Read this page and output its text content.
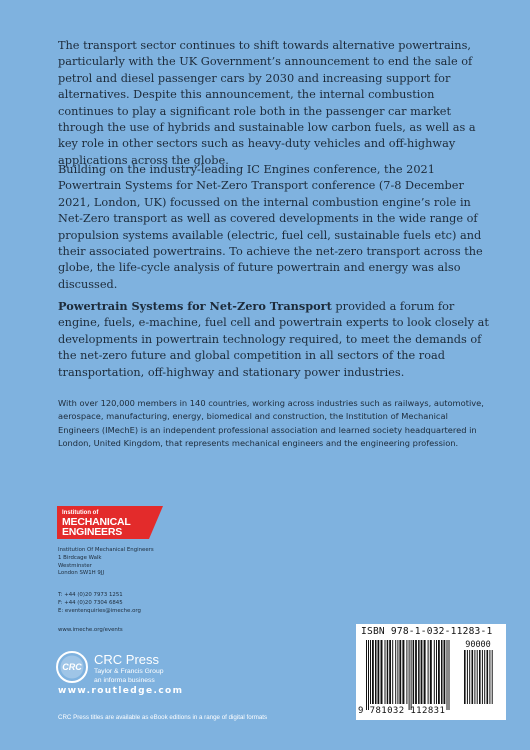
The transport sector continues to shift towards alternative powertrains, particularly with the UK Government’s announcement to end the sale of petrol and diesel passenger cars by 2030 and increasing support for alternatives. Despite this announcement, the internal combustion continues to play a significant role both in the passenger car market through the use of hybrids and sustainable low carbon fuels, as well as a key role in other sectors such as heavy-duty vehicles and off-highway applications across the globe.

Building on the industry-leading IC Engines conference, the 2021 Powertrain Systems for Net-Zero Transport conference (7-8 December 2021, London, UK) focussed on the internal combustion engine’s role in Net-Zero transport as well as covered developments in the wide range of propulsion systems available (electric, fuel cell, sustainable fuels etc) and their associated powertrains. To achieve the net-zero transport across the globe, the life-cycle analysis of future powertrain and energy was also discussed.

Powertrain Systems for Net-Zero Transport provided a forum for engine, fuels, e-machine, fuel cell and powertrain experts to look closely at developments in powertrain technology required, to meet the demands of the net-zero future and global competition in all sectors of the road transportation, off-highway and stationary power industries.

With over 120,000 members in 140 countries, working across industries such as railways, automotive, aerospace, manufacturing, energy, biomedical and construction, the Institution of Mechanical Engineers (IMechE) is an independent professional association and learned society headquartered in London, United Kingdom, that represents mechanical engineers and the engineering profession.

Institution of
MECHANICAL
ENGINEERS
Institution Of Mechanical Engineers
1 Birdcage Walk
Westminster
London SW1H 9JJ
T: +44 (0)20 7973 1251
F: +44 (0)20 7304 6845
E: eventenquiries@imeche.org
www.imeche.org/events
CRC CRC Press
Taylor & Francis Group
an informa business
www.routledge.com
CRC Press titles are available as eBook editions in a range of digital formats
90000
ISBN 978-1-032-11283-1
9 781032 112831
